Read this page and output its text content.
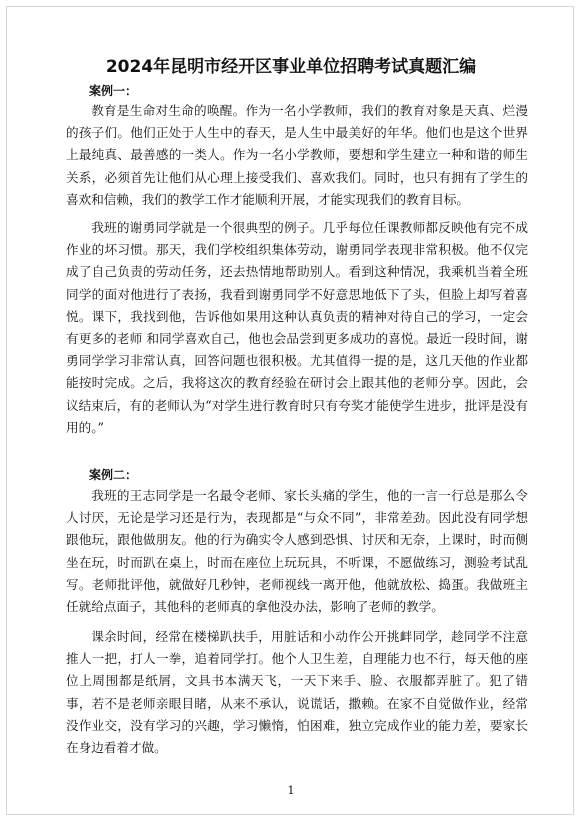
2024年昆明市经开区事业单位招聘考试真题汇编

案例一：

教育是生命对生命的唤醒。作为一名小学教师，我们的教育对象是天真、烂漫的孩子们。他们正处于人生中的春天，是人生中最美好的年华。他们也是这个世界上最纯真、最善感的一类人。作为一名小学教师，要想和学生建立一种和谐的师生关系，必须首先让他们从心理上接受我们、喜欢我们。同时，也只有拥有了学生的喜欢和信赖，我们的教学工作才能顺利开展，才能实现我们的教育目标。

我班的谢勇同学就是一个很典型的例子。几乎每位任课教师都反映他有完不成作业的坏习惯。那天，我们学校组织集体劳动，谢勇同学表现非常积极。他不仅完成了自己负责的劳动任务，还去热情地帮助别人。看到这种情况，我乘机当着全班同学的面对他进行了表扬，我看到谢勇同学不好意思地低下了头，但脸上却写着喜悦。课下，我找到他，告诉他如果用这种认真负责的精神对待自己的学习，一定会有更多的老师 和同学喜欢自己，他也会品尝到更多成功的喜悦。最近一段时间，谢勇同学学习非常认真，回答问题也很积极。尤其值得一提的是，这几天他的作业都能按时完成。之后，我将这次的教育经验在研讨会上跟其他的老师分享。因此，会议结束后，有的老师认为“对学生进行教育时只有夸奖才能使学生进步，批评是没有用的。”

案例二：

我班的王志同学是一名最令老师、家长头痛的学生，他的一言一行总是那么令人讨厌，无论是学习还是行为，表现都是“与众不同”，非常差劲。因此没有同学想跟他玩，跟他做朋友。他的行为确实令人感到恐惧、讨厌和无奈，上课时，时而侧坐在玩，时而趴在桌上，时而在座位上玩玩具，不听课，不愿做练习，测验考试乱写。老师批评他，就做好几秒钟，老师视线一离开他，他就放松、捣蛋。我做班主任就给点面子，其他科的老师真的拿他没办法，影响了老师的教学。

课余时间，经常在楼梯趴扶手，用脏话和小动作公开挑衅同学，趁同学不注意推人一把，打人一拳，追着同学打。他个人卫生差，自理能力也不行，每天他的座位上周围都是纸屑，文具书本满天飞，一天下来手、脸、衣服都弄脏了。犯了错事，若不是老师亲眼目睹，从来不承认，说谎话，撒赖。在家不自觉做作业，经常没作业交，没有学习的兴趣，学习懒惰，怕困难，独立完成作业的能力差，要家长在身边看着才做。

1
